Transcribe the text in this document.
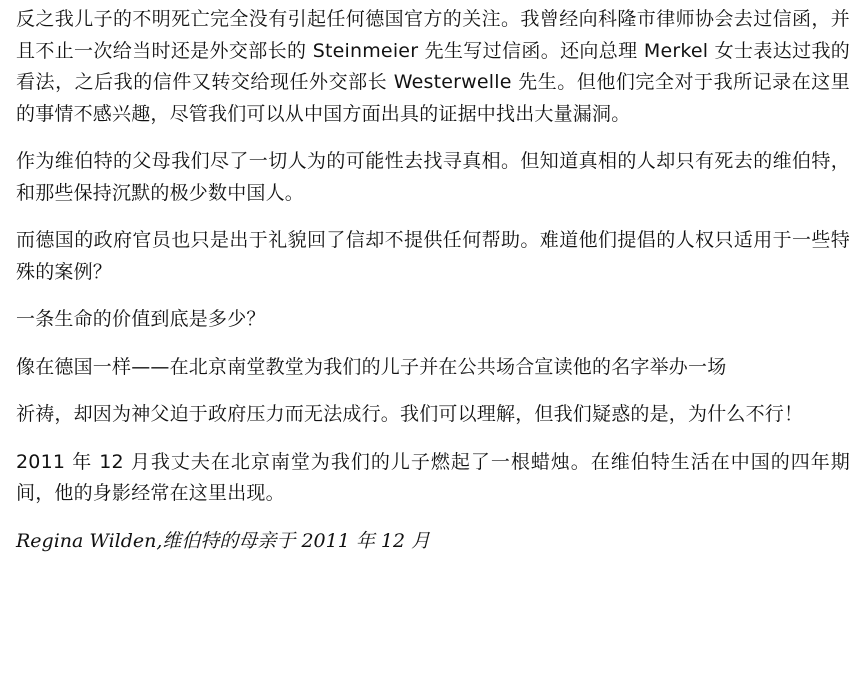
反之我儿子的不明死亡完全没有引起任何德国官方的关注。我曾经向科隆市律师协会去过信函，并且不止一次给当时还是外交部长的 Steinmeier 先生写过信函。还向总理 Merkel 女士表达过我的看法，之后我的信件又转交给现任外交部长 Westerwelle 先生。但他们完全对于我所记录在这里的事情不感兴趣，尽管我们可以从中国方面出具的证据中找出大量漏洞。

作为维伯特的父母我们尽了一切人为的可能性去找寻真相。但知道真相的人却只有死去的维伯特，和那些保持沉默的极少数中国人。

而德国的政府官员也只是出于礼貌回了信却不提供任何帮助。难道他们提倡的人权只适用于一些特殊的案例？

一条生命的价值到底是多少？

像在德国一样——在北京南堂教堂为我们的儿子并在公共场合宣读他的名字举办一场

祈祷，却因为神父迫于政府压力而无法成行。我们可以理解，但我们疑惑的是，为什么不行！

2011 年 12 月我丈夫在北京南堂为我们的儿子燃起了一根蜡烛。在维伯特生活在中国的四年期间，他的身影经常在这里出现。

Regina Wilden,维伯特的母亲于 2011 年 12 月
